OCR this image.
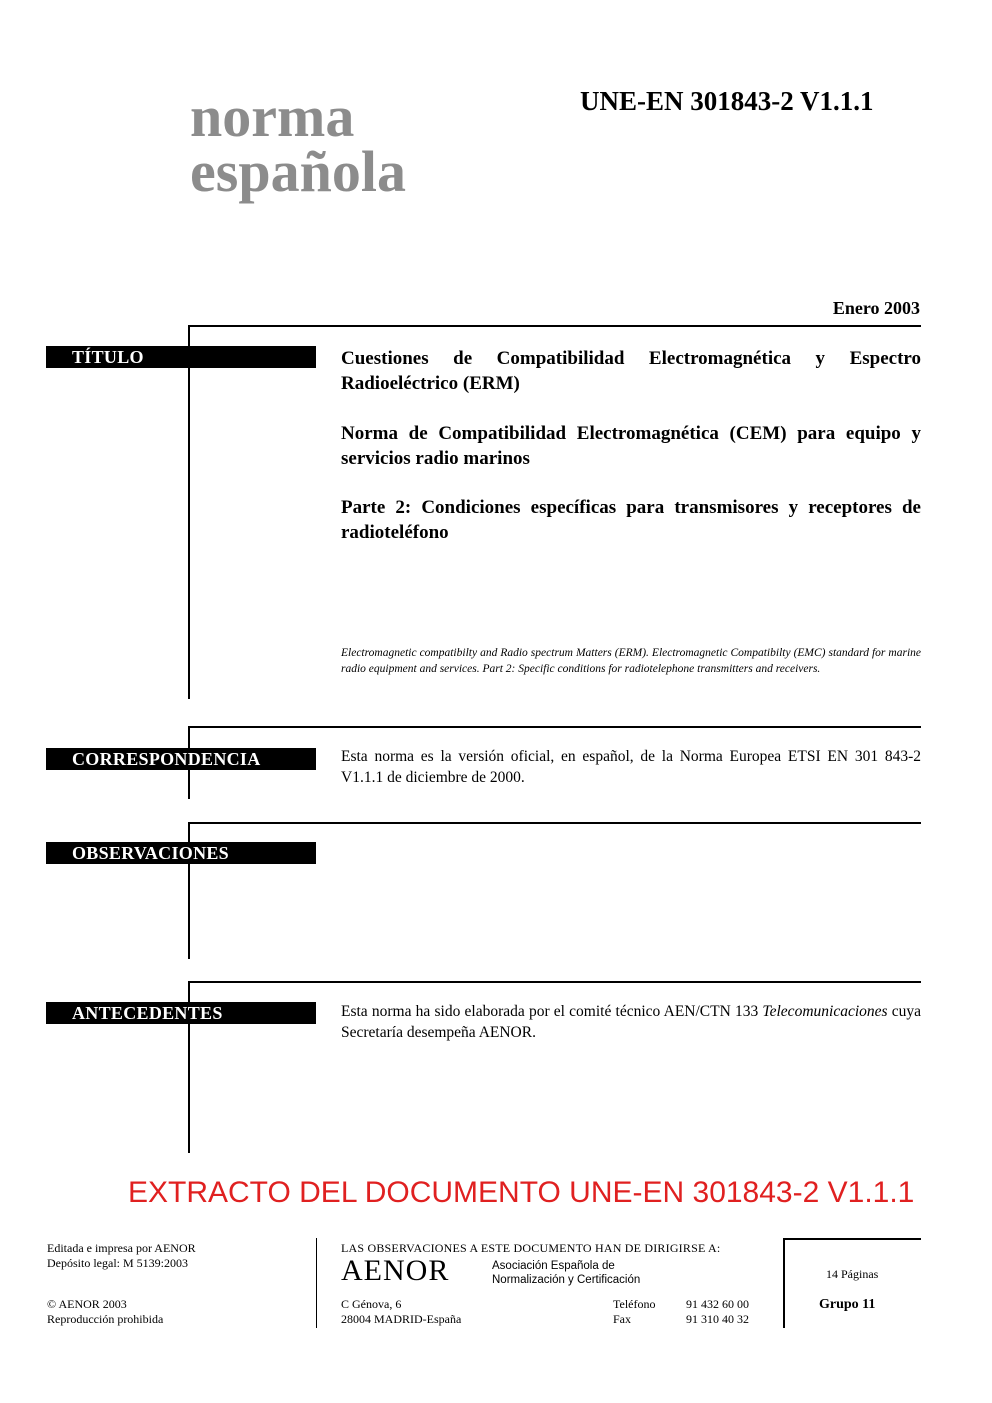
norma
española
UNE-EN 301843-2 V1.1.1
Enero 2003
TÍTULO	Cuestiones de Compatibilidad Electromagnética y Espectro Radioeléctrico (ERM)
Norma de Compatibilidad Electromagnética (CEM) para equipo y servicios radio marinos
Parte 2: Condiciones específicas para transmisores y receptores de radioteléfono
Electromagnetic compatibilty and Radio spectrum Matters (ERM). Electromagnetic Compatibilty (EMC) standard for marine radio equipment and services. Part 2: Specific conditions for radiotelephone transmitters and receivers.
CORRESPONDENCIA	Esta norma es la versión oficial, en español, de la Norma Europea ETSI EN 301 843-2 V1.1.1 de diciembre de 2000.
OBSERVACIONES
ANTECEDENTES	Esta norma ha sido elaborada por el comité técnico AEN/CTN 133 Telecomunicaciones cuya Secretaría desempeña AENOR.
EXTRACTO DEL DOCUMENTO UNE-EN 301843-2 V1.1.1
Editada e impresa por AENOR
Depósito legal: M 5139:2003
© AENOR 2003
Reproducción prohibida
LAS OBSERVACIONES A ESTE DOCUMENTO HAN DE DIRIGIRSE A:
AENOR	Asociación Española de
Normalización y Certificación
C Génova, 6
28004 MADRID-España
Teléfono	91 432 60 00
Fax	91 310 40 32
14 Páginas
Grupo 11
